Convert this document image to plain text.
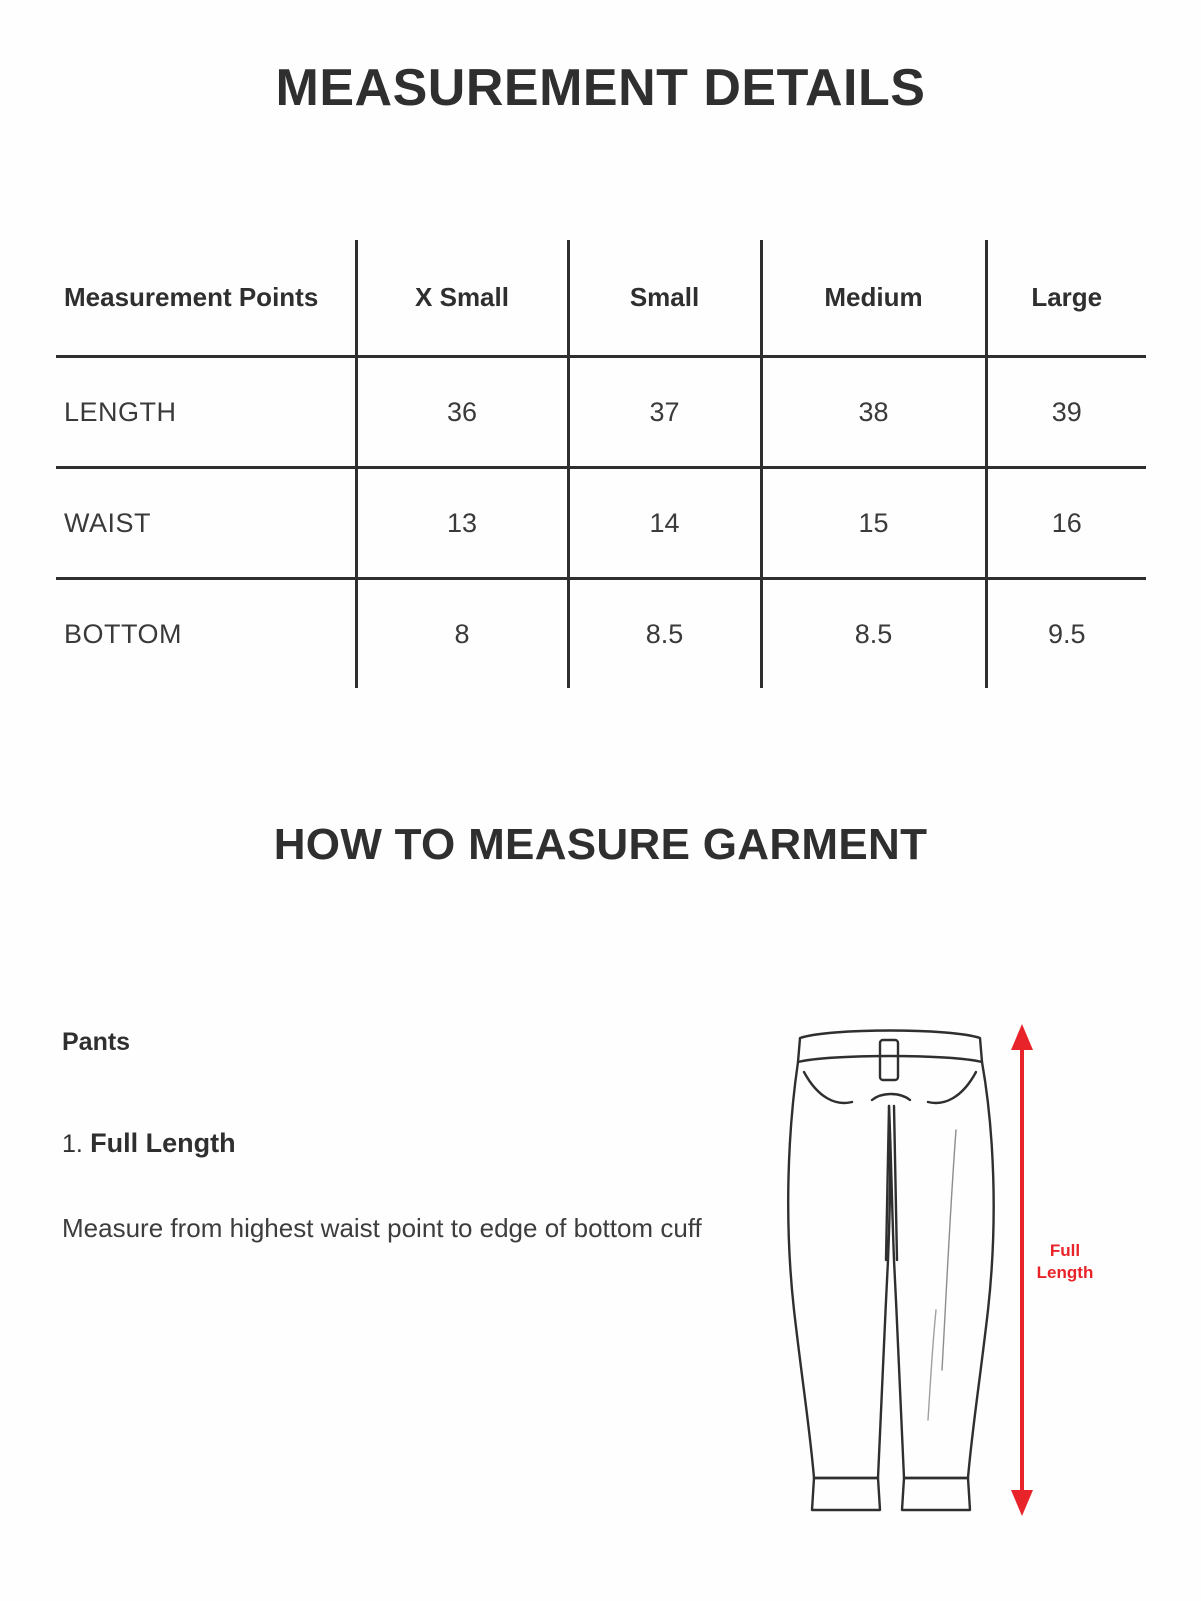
MEASUREMENT DETAILS
Measurement Points	X Small	Small	Medium	Large
LENGTH	36	37	38	39
WAIST	13	14	15	16
BOTTOM	8	8.5	8.5	9.5
HOW TO MEASURE GARMENT
Pants
1. Full Length
Measure from highest waist point to edge of bottom cuff
Full Length
